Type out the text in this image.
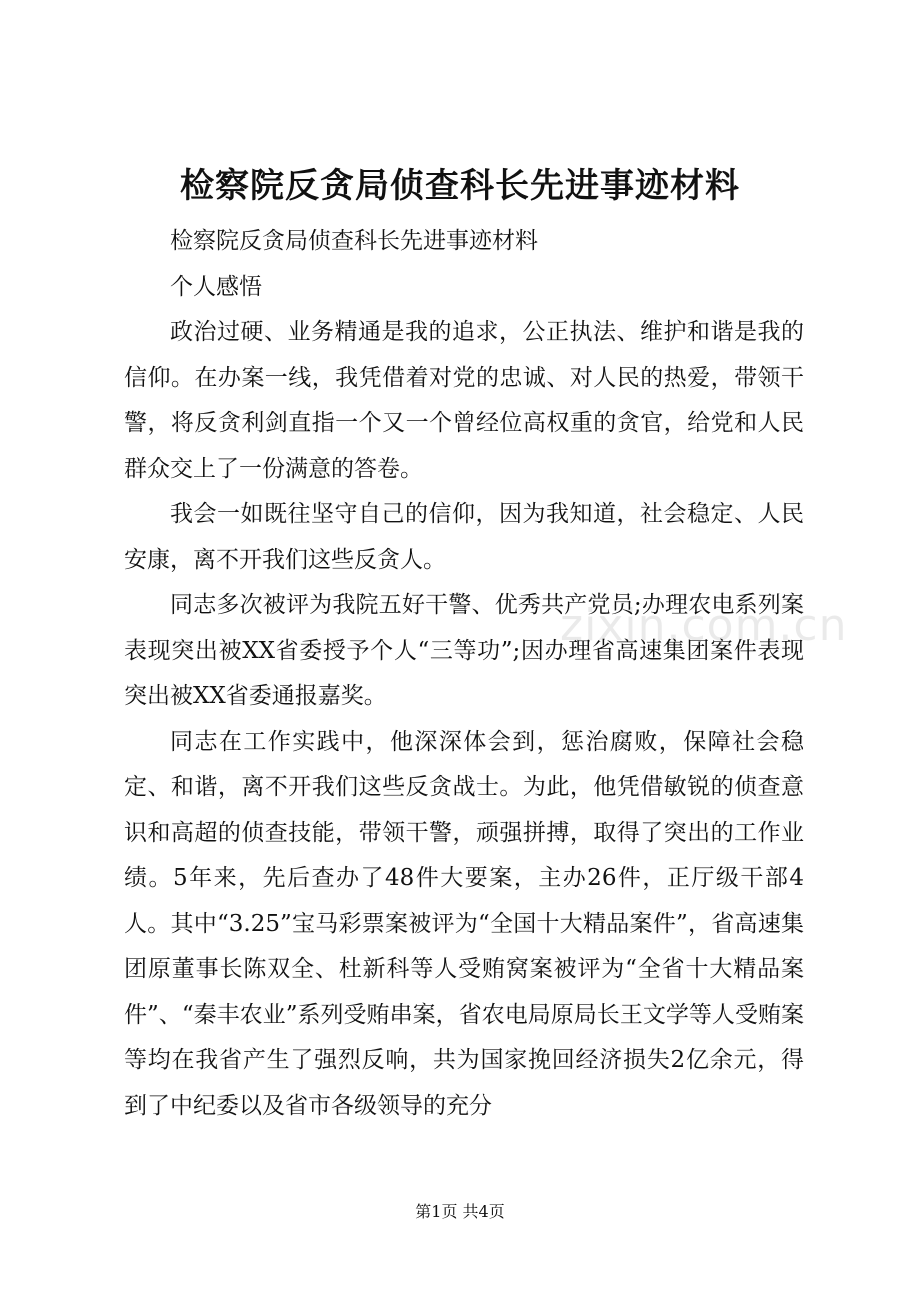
检察院反贪局侦查科长先进事迹材料

检察院反贪局侦查科长先进事迹材料

个人感悟

政治过硬、业务精通是我的追求，公正执法、维护和谐是我的信仰。在办案一线，我凭借着对党的忠诚、对人民的热爱，带领干警，将反贪利剑直指一个又一个曾经位高权重的贪官，给党和人民群众交上了一份满意的答卷。

我会一如既往坚守自己的信仰，因为我知道，社会稳定、人民安康，离不开我们这些反贪人。

同志多次被评为我院五好干警、优秀共产党员;办理农电系列案表现突出被XX省委授予个人“三等功”;因办理省高速集团案件表现突出被XX省委通报嘉奖。

同志在工作实践中，他深深体会到，惩治腐败，保障社会稳定、和谐，离不开我们这些反贪战士。为此，他凭借敏锐的侦查意识和高超的侦查技能，带领干警，顽强拼搏，取得了突出的工作业绩。5年来，先后查办了48件大要案，主办26件，正厅级干部4人。其中“3.25”宝马彩票案被评为“全国十大精品案件”，省高速集团原董事长陈双全、杜新科等人受贿窝案被评为“全省十大精品案件”、“秦丰农业”系列受贿串案，省农电局原局长王文学等人受贿案等均在我省产生了强烈反响，共为国家挽回经济损失2亿余元，得到了中纪委以及省市各级领导的充分

zixin.com.cn
第1页 共4页
